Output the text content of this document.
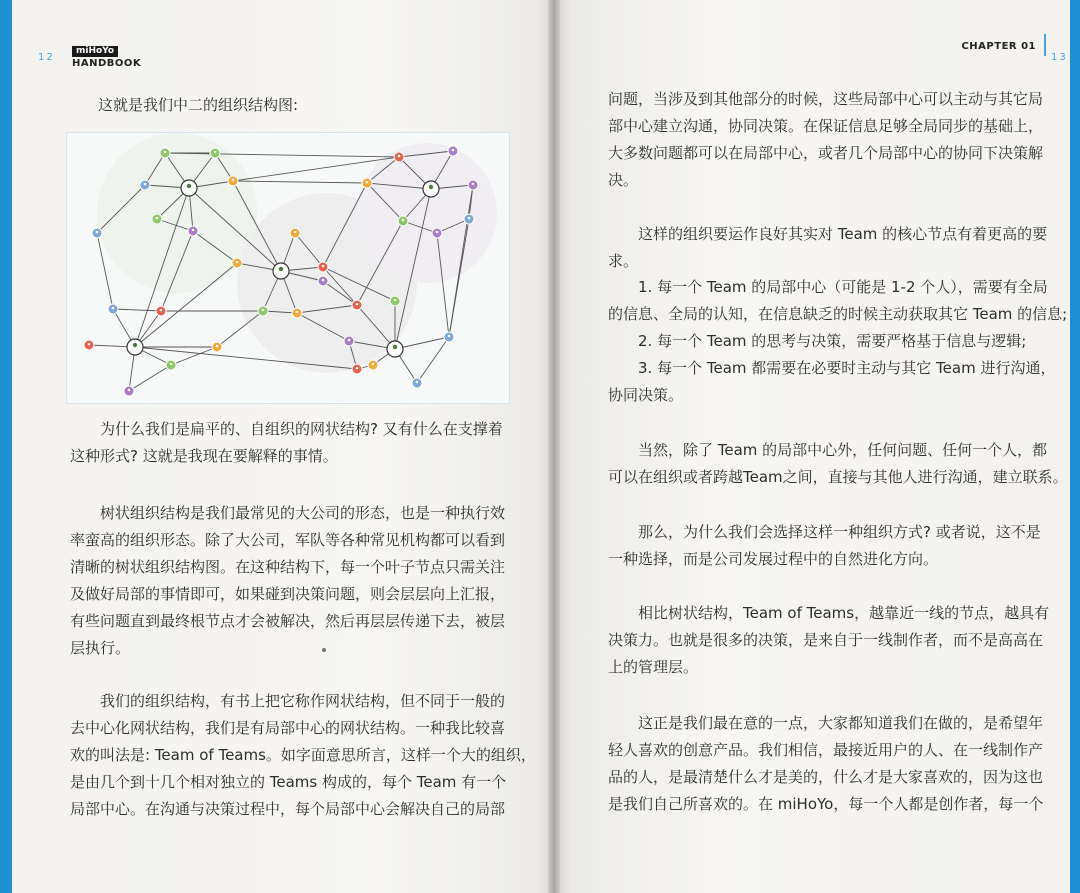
12
miHoYo
HANDBOOK
CHAPTER 01
13
这就是我们中二的组织结构图:

为什么我们是扁平的、自组织的网状结构? 又有什么在支撑着

这种形式? 这就是我现在要解释的事情。

树状组织结构是我们最常见的大公司的形态，也是一种执行效

率蛮高的组织形态。除了大公司，军队等各种常见机构都可以看到

清晰的树状组织结构图。在这种结构下，每一个叶子节点只需关注

及做好局部的事情即可，如果碰到决策问题，则会层层向上汇报，

有些问题直到最终根节点才会被解决，然后再层层传递下去，被层

层执行。

我们的组织结构，有书上把它称作网状结构，但不同于一般的

去中心化网状结构，我们是有局部中心的网状结构。一种我比较喜

欢的叫法是: Team of Teams。如字面意思所言，这样一个大的组织，

是由几个到十几个相对独立的 Teams 构成的，每个 Team 有一个

局部中心。在沟通与决策过程中，每个局部中心会解决自己的局部

问题，当涉及到其他部分的时候，这些局部中心可以主动与其它局

部中心建立沟通，协同决策。在保证信息足够全局同步的基础上，

大多数问题都可以在局部中心，或者几个局部中心的协同下决策解

决。

这样的组织要运作良好其实对 Team 的核心节点有着更高的要

求。

1. 每一个 Team 的局部中心（可能是 1-2 个人），需要有全局

的信息、全局的认知，在信息缺乏的时候主动获取其它 Team 的信息;

2. 每一个 Team 的思考与决策，需要严格基于信息与逻辑;

3. 每一个 Team 都需要在必要时主动与其它 Team 进行沟通，

协同决策。

当然，除了 Team 的局部中心外，任何问题、任何一个人，都

可以在组织或者跨越Team之间，直接与其他人进行沟通，建立联系。

那么，为什么我们会选择这样一种组织方式? 或者说，这不是

一种选择，而是公司发展过程中的自然进化方向。

相比树状结构，Team of Teams，越靠近一线的节点，越具有

决策力。也就是很多的决策，是来自于一线制作者，而不是高高在

上的管理层。

这正是我们最在意的一点，大家都知道我们在做的，是希望年

轻人喜欢的创意产品。我们相信，最接近用户的人、在一线制作产

品的人，是最清楚什么才是美的，什么才是大家喜欢的，因为这也

是我们自己所喜欢的。在 miHoYo，每一个人都是创作者，每一个
